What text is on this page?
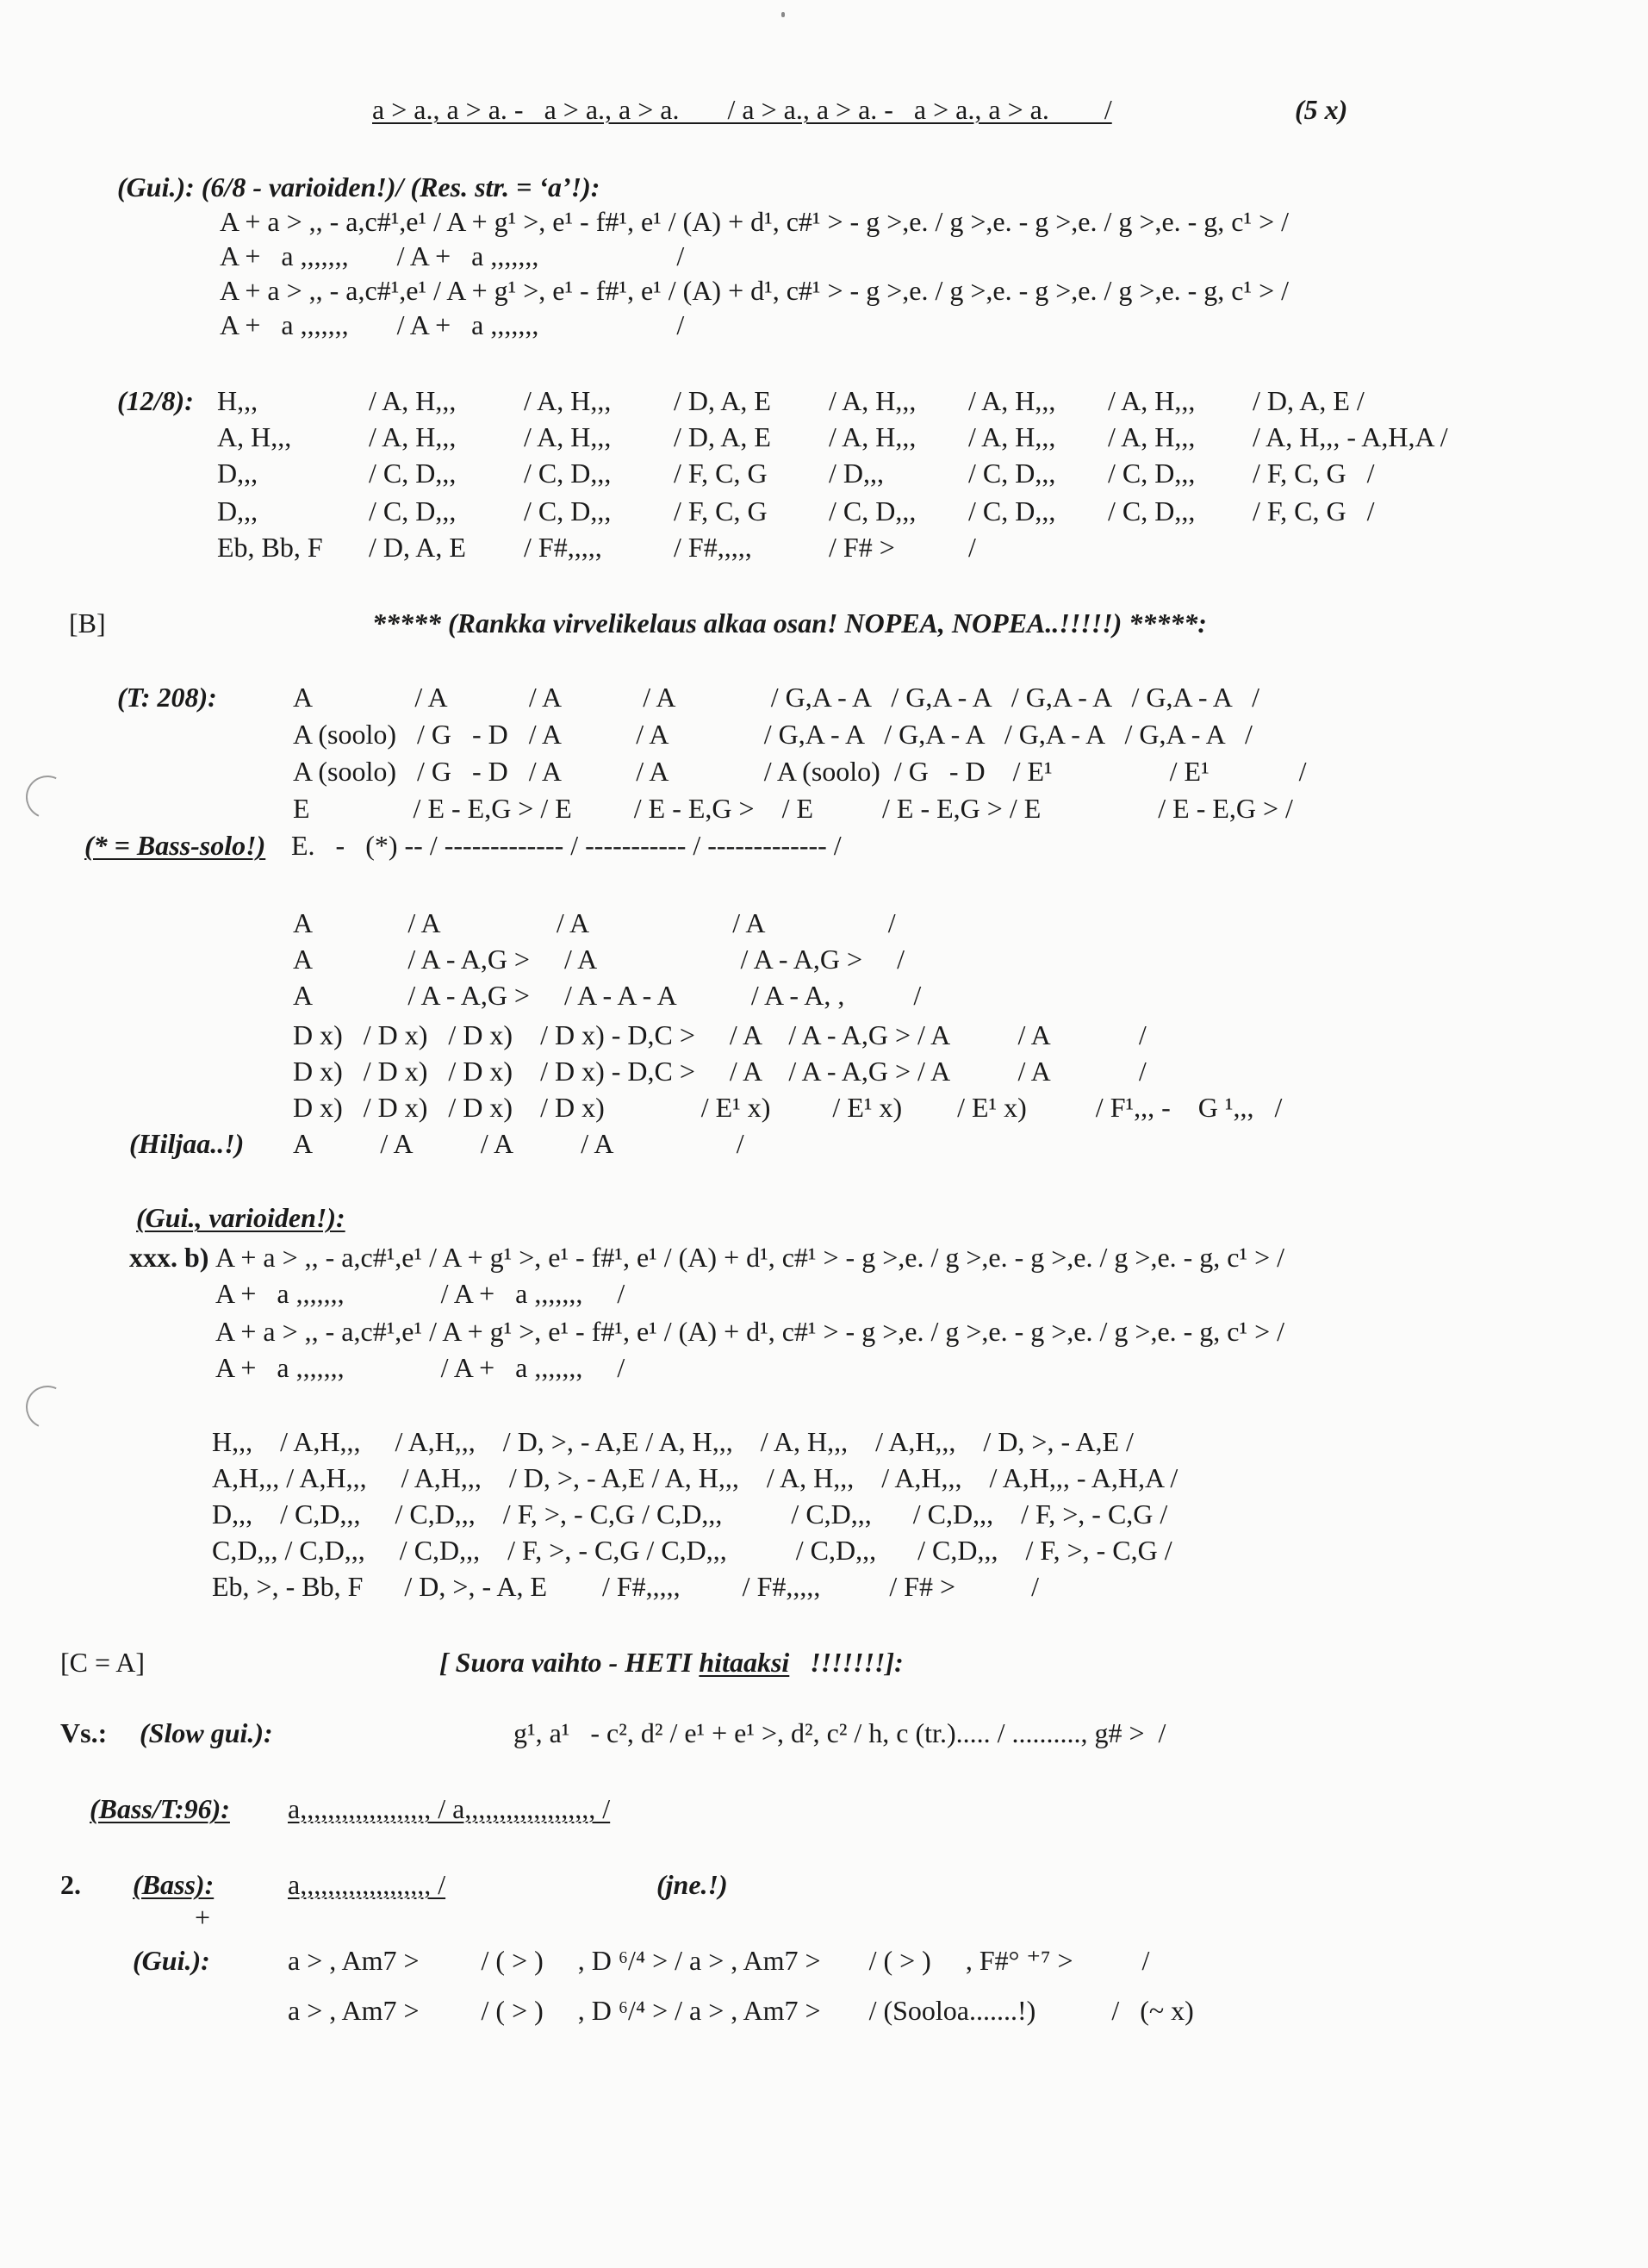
a > a., a > a. -   a > a., a > a.       / a > a., a > a. -   a > a., a > a.        /	(5 x)
(Gui.): (6/8 - varioiden!)/ (Res. str. = ‘a’!):
A + a > ,, - a,c#¹,e¹ / A + g¹ >, e¹ - f#¹, e¹ / (A) + d¹, c#¹ > - g >,e. / g >,e. - g >,e. / g >,e. - g, c¹ > /
A +   a ,,,,,,,       / A +   a ,,,,,,,                    /
A + a > ,, - a,c#¹,e¹ / A + g¹ >, e¹ - f#¹, e¹ / (A) + d¹, c#¹ > - g >,e. / g >,e. - g >,e. / g >,e. - g, c¹ > /
A +   a ,,,,,,,       / A +   a ,,,,,,,                    /
(12/8): H,,,	/ A, H,,, / A, H,,, / D, A, E / A, H,,, / A, H,,, / A, H,,, / D, A, E /
A, H,,,	/ A, H,,, / A, H,,, / D, A, E / A, H,,, / A, H,,, / A, H,,, / A, H,,, - A,H,A /
D,,,	/ C, D,,, / C, D,,, / F, C, G / D,,,	/ C, D,,, / C, D,,, / F, C, G   /
D,,,	/ C, D,,, / C, D,,, / F, C, G / C, D,,, / C, D,,, / C, D,,, / F, C, G   /
Eb, Bb, F / D, A, E / F#,,,,,	/ F#,,,,,	/ F# >	/
[B]	***** (Rankka virvelikelaus alkaa osan! NOPEA, NOPEA..!!!!!) *****:
(T: 208):	A               / A            / A            / A              / G,A - A   / G,A - A   / G,A - A   / G,A - A   /
A (soolo)   / G   - D   / A           / A              / G,A - A   / G,A - A   / G,A - A   / G,A - A   /
A (soolo)   / G   - D   / A           / A              / A (soolo)  / G   - D    / E¹                 / E¹             /
E               / E - E,G > / E         / E - E,G >    / E          / E - E,G > / E                 / E - E,G > /
(* = Bass-solo!) E.   -   (*) -- / ------------- / ----------- / ------------- /
A              / A                 / A                     / A                  /
A              / A - A,G >     / A                     / A - A,G >     /
A              / A - A,G >     / A - A - A           / A - A, ,          /
D x)   / D x)   / D x)    / D x) - D,C >     / A    / A - A,G > / A          / A             /
D x)   / D x)   / D x)    / D x) - D,C >     / A    / A - A,G > / A          / A             /
D x)   / D x)   / D x)    / D x)              / E¹ x)         / E¹ x)        / E¹ x)          / F¹,,, -    G ¹,,,   /
(Hiljaa..!) A          / A          / A          / A                  /
(Gui., varioiden!):
xxx. b) A + a > ,, - a,c#¹,e¹ / A + g¹ >, e¹ - f#¹, e¹ / (A) + d¹, c#¹ > - g >,e. / g >,e. - g >,e. / g >,e. - g, c¹ > /
A +   a ,,,,,,,              / A +   a ,,,,,,,     /
A + a > ,, - a,c#¹,e¹ / A + g¹ >, e¹ - f#¹, e¹ / (A) + d¹, c#¹ > - g >,e. / g >,e. - g >,e. / g >,e. - g, c¹ > /
A +   a ,,,,,,,              / A +   a ,,,,,,,     /
H,,,    / A,H,,,     / A,H,,,    / D, >, - A,E / A, H,,,    / A, H,,,    / A,H,,,    / D, >, - A,E /
A,H,,, / A,H,,,     / A,H,,,    / D, >, - A,E / A, H,,,    / A, H,,,    / A,H,,,    / A,H,,, - A,H,A /
D,,,    / C,D,,,     / C,D,,,    / F, >, - C,G / C,D,,,          / C,D,,,      / C,D,,,    / F, >, - C,G /
C,D,,, / C,D,,,     / C,D,,,    / F, >, - C,G / C,D,,,          / C,D,,,      / C,D,,,    / F, >, - C,G /
Eb, >, - Bb, F      / D, >, - A, E        / F#,,,,,         / F#,,,,,          / F# >           /
[C = A]	[ Suora vaihto - HETI hitaaksi   !!!!!!!]:
Vs.: (Slow gui.):	g¹, a¹   - c², d² / e¹ + e¹ >, d², c² / h, c (tr.)..... / .........., g# >  /
(Bass/T:96): a,,,,,,,,,,,,,,,,,,, / a,,,,,,,,,,,,,,,,,,, /
2. (Bass):	a,,,,,,,,,,,,,,,,,,, /	(jne.!)
+
(Gui.):	a > , Am7 >         / ( > )     , D ⁶/⁴ > / a > , Am7 >       / ( > )     , F#° ⁺⁷ >          /
a > , Am7 >         / ( > )     , D ⁶/⁴ > / a > , Am7 >       / (Sooloa.......!)           /   (~ x)
